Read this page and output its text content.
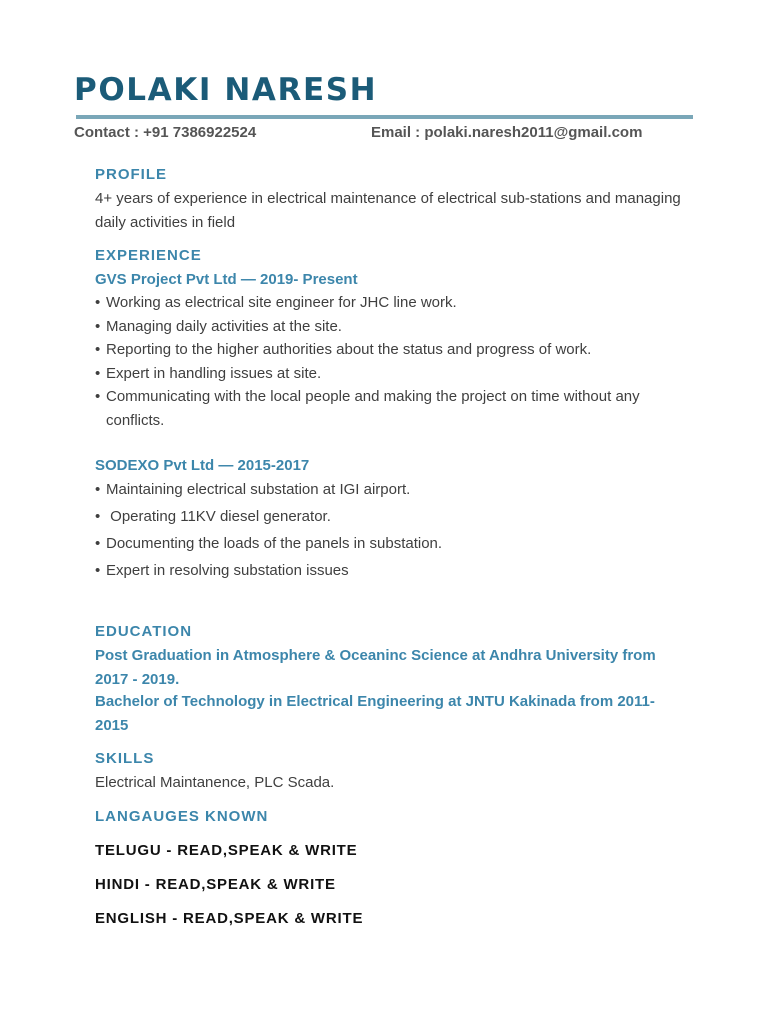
POLAKI NARESH
Contact : +91 7386922524	Email : polaki.naresh2011@gmail.com
PROFILE

4+ years of experience in electrical maintenance of electrical sub-stations and managing daily activities in field

EXPERIENCE
GVS Project Pvt Ltd — 2019- Present
• Working as electrical site engineer for JHC line work.
• Managing daily activities at the site.
• Reporting to the higher authorities about the status and progress of work.
• Expert in handling issues at site.
• Communicating with the local people and making the project on time without any conflicts.
SODEXO Pvt Ltd — 2015-2017
• Maintaining electrical substation at IGI airport.
•  Operating 11KV diesel generator.
• Documenting the loads of the panels in substation.
• Expert in resolving substation issues
EDUCATION
Post Graduation in Atmosphere & Oceaninc Science at Andhra University from 2017 - 2019.
Bachelor of Technology in Electrical Engineering at JNTU Kakinada from 2011-2015
SKILLS

Electrical Maintanence, PLC Scada.

LANGAUGES KNOWN
TELUGU - READ,SPEAK & WRITE
HINDI - READ,SPEAK & WRITE
ENGLISH - READ,SPEAK & WRITE
